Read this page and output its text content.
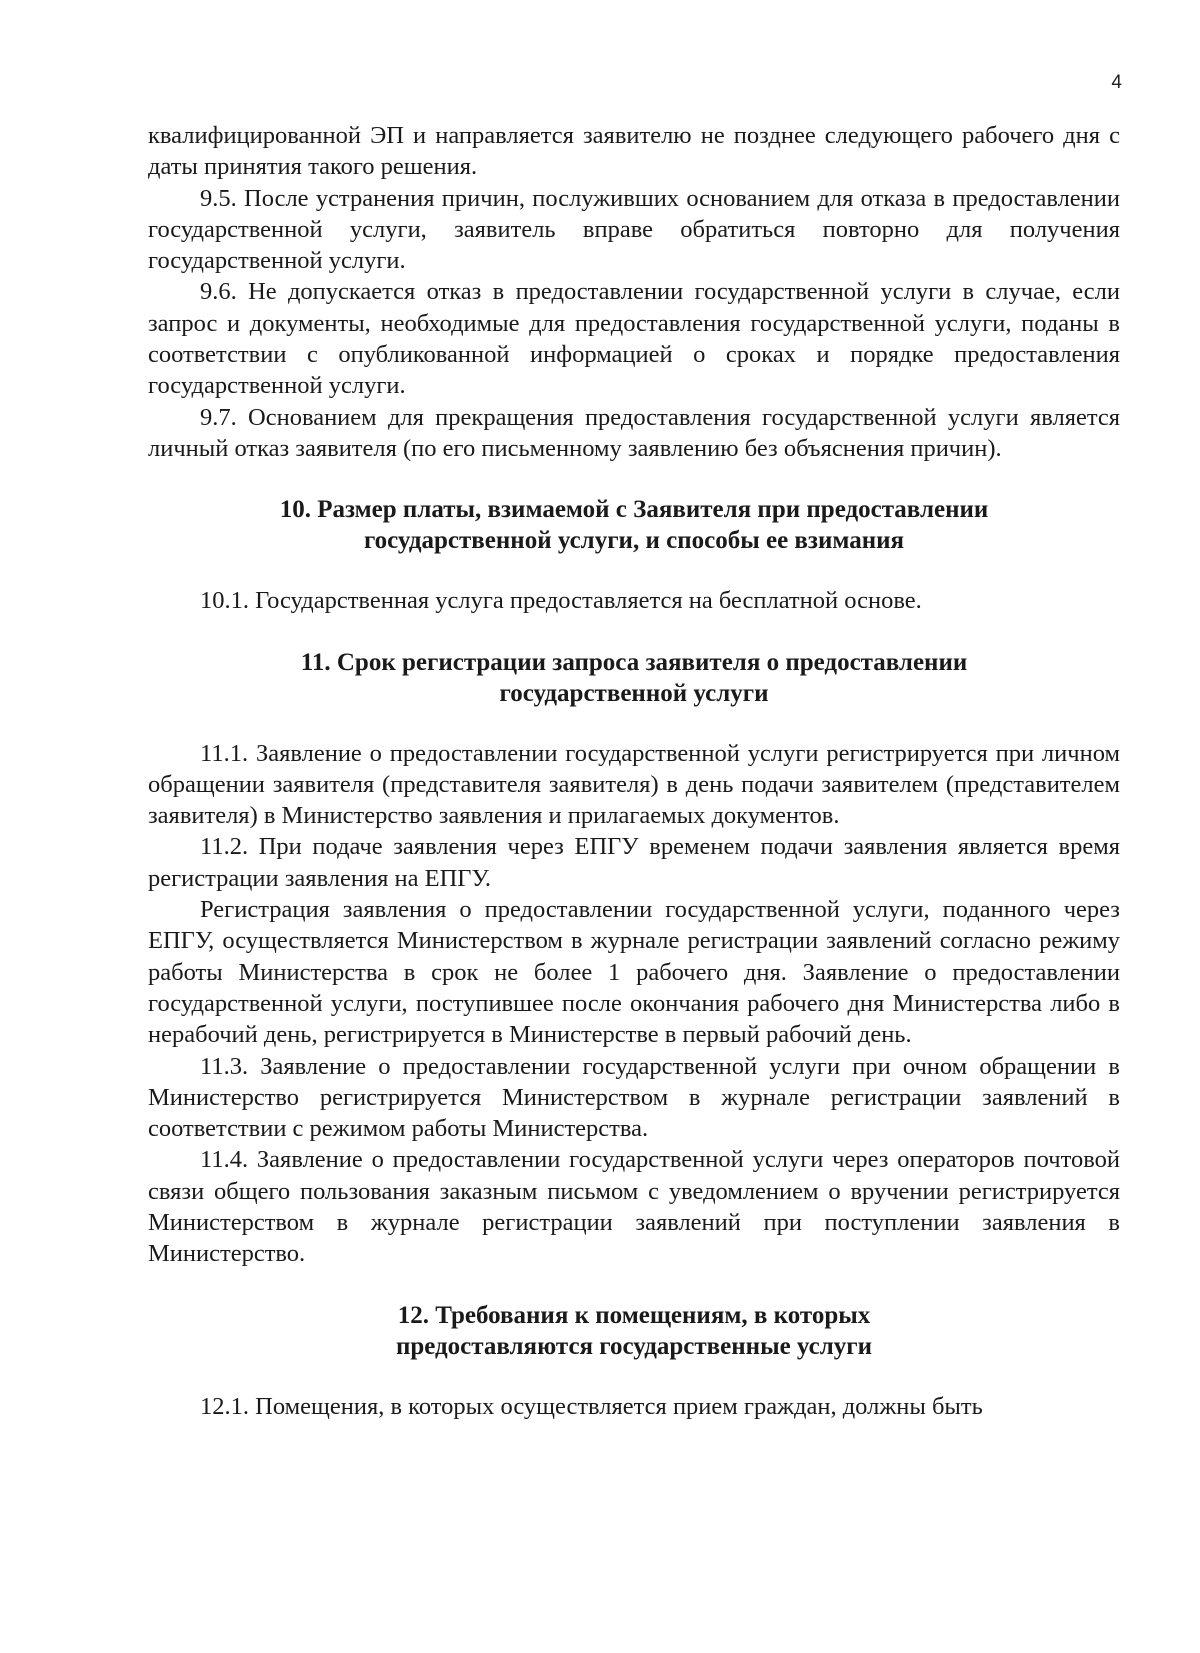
4

квалифицированной ЭП и направляется заявителю не позднее следующего рабочего дня с даты принятия такого решения.

9.5. После устранения причин, послуживших основанием для отказа в предоставлении государственной услуги, заявитель вправе обратиться повторно для получения государственной услуги.

9.6. Не допускается отказ в предоставлении государственной услуги в случае, если запрос и документы, необходимые для предоставления государственной услуги, поданы в соответствии с опубликованной информацией о сроках и порядке предоставления государственной услуги.

9.7. Основанием для прекращения предоставления государственной услуги является личный отказ заявителя (по его письменному заявлению без объяснения причин).

10. Размер платы, взимаемой с Заявителя при предоставлении
государственной услуги, и способы ее взимания

10.1. Государственная услуга предоставляется на бесплатной основе.

11. Срок регистрации запроса заявителя о предоставлении
государственной услуги

11.1. Заявление о предоставлении государственной услуги регистрируется при личном обращении заявителя (представителя заявителя) в день подачи заявителем (представителем заявителя) в Министерство заявления и прилагаемых документов.

11.2. При подаче заявления через ЕПГУ временем подачи заявления является время регистрации заявления на ЕПГУ.

Регистрация заявления о предоставлении государственной услуги, поданного через ЕПГУ, осуществляется Министерством в журнале регистрации заявлений согласно режиму работы Министерства в срок не более 1 рабочего дня. Заявление о предоставлении государственной услуги, поступившее после окончания рабочего дня Министерства либо в нерабочий день, регистрируется в Министерстве в первый рабочий день.

11.3. Заявление о предоставлении государственной услуги при очном обращении в Министерство регистрируется Министерством в журнале регистрации заявлений в соответствии с режимом работы Министерства.

11.4. Заявление о предоставлении государственной услуги через операторов почтовой связи общего пользования заказным письмом с уведомлением о вручении регистрируется Министерством в журнале регистрации заявлений при поступлении заявления в Министерство.

12. Требования к помещениям, в которых
предоставляются государственные услуги

12.1. Помещения, в которых осуществляется прием граждан, должны быть
